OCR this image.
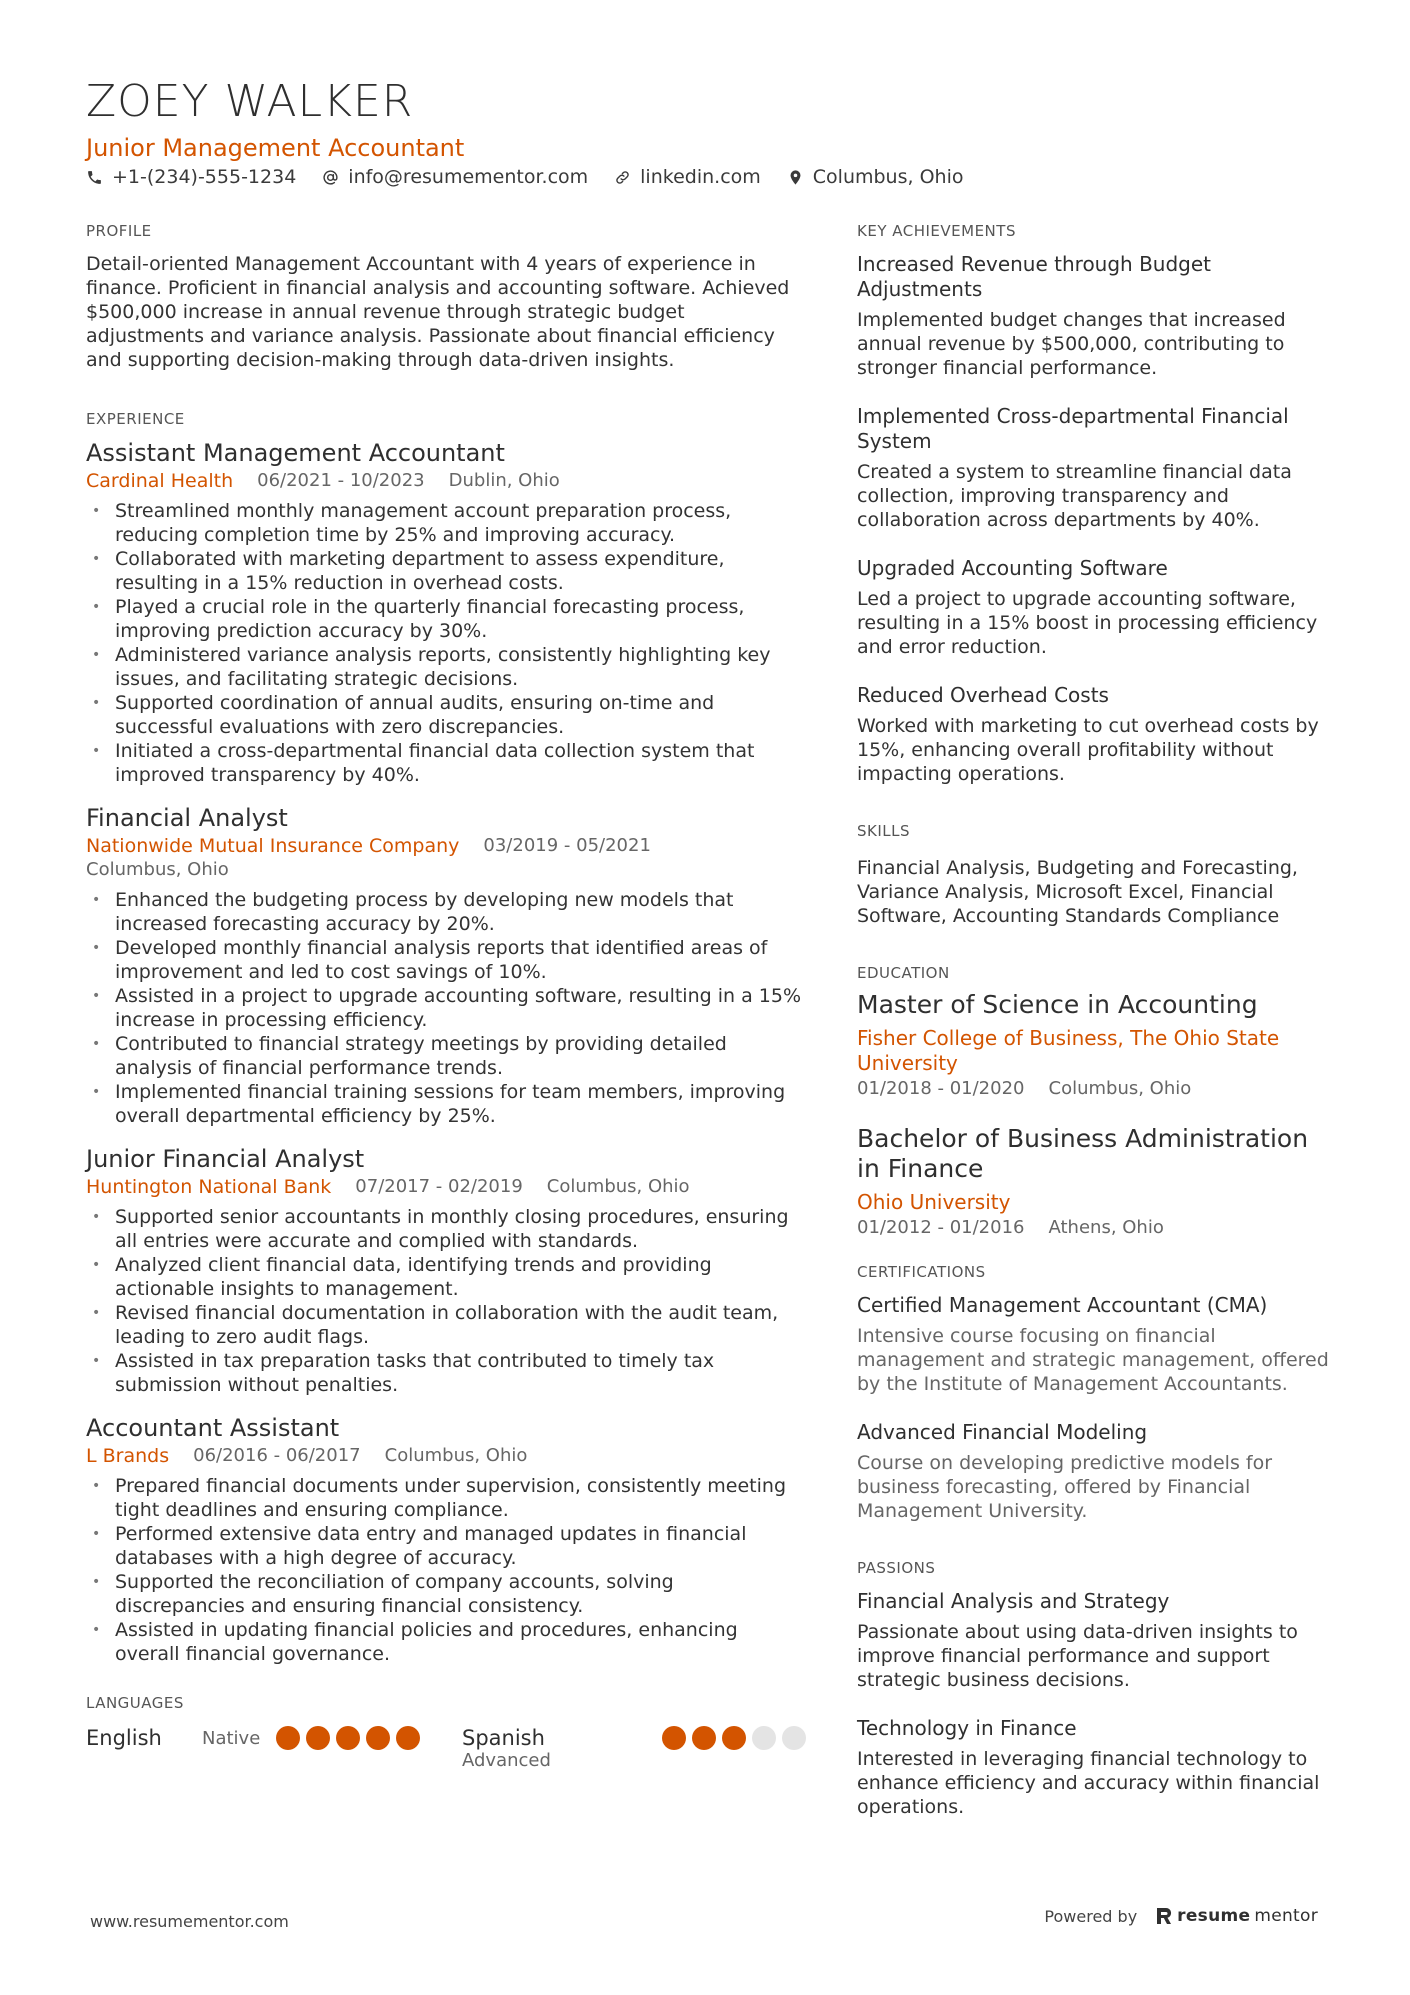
ZOEY WALKER
Junior Management Accountant
+1-(234)-555-1234	info@resumementor.com	linkedin.com	Columbus, Ohio
PROFILE
Detail-oriented Management Accountant with 4 years of experience in finance. Proficient in financial analysis and accounting software. Achieved $500,000 increase in annual revenue through strategic budget adjustments and variance analysis. Passionate about financial efficiency and supporting decision-making through data-driven insights.
EXPERIENCE
Assistant Management Accountant
Cardinal Health 06/2021 - 10/2023 Dublin, Ohio
• Streamlined monthly management account preparation process, reducing completion time by 25% and improving accuracy.
• Collaborated with marketing department to assess expenditure, resulting in a 15% reduction in overhead costs.
• Played a crucial role in the quarterly financial forecasting process, improving prediction accuracy by 30%.
• Administered variance analysis reports, consistently highlighting key issues, and facilitating strategic decisions.
• Supported coordination of annual audits, ensuring on-time and successful evaluations with zero discrepancies.
• Initiated a cross-departmental financial data collection system that improved transparency by 40%.
Financial Analyst
Nationwide Mutual Insurance Company 03/2019 - 05/2021
Columbus, Ohio
• Enhanced the budgeting process by developing new models that increased forecasting accuracy by 20%.
• Developed monthly financial analysis reports that identified areas of improvement and led to cost savings of 10%.
• Assisted in a project to upgrade accounting software, resulting in a 15% increase in processing efficiency.
• Contributed to financial strategy meetings by providing detailed analysis of financial performance trends.
• Implemented financial training sessions for team members, improving overall departmental efficiency by 25%.
Junior Financial Analyst
Huntington National Bank 07/2017 - 02/2019 Columbus, Ohio
• Supported senior accountants in monthly closing procedures, ensuring all entries were accurate and complied with standards.
• Analyzed client financial data, identifying trends and providing actionable insights to management.
• Revised financial documentation in collaboration with the audit team, leading to zero audit flags.
• Assisted in tax preparation tasks that contributed to timely tax submission without penalties.
Accountant Assistant
L Brands 06/2016 - 06/2017 Columbus, Ohio
• Prepared financial documents under supervision, consistently meeting tight deadlines and ensuring compliance.
• Performed extensive data entry and managed updates in financial databases with a high degree of accuracy.
• Supported the reconciliation of company accounts, solving discrepancies and ensuring financial consistency.
• Assisted in updating financial policies and procedures, enhancing overall financial governance.
LANGUAGES
English	Native	Spanish
Advanced
KEY ACHIEVEMENTS
Increased Revenue through Budget Adjustments
Implemented budget changes that increased annual revenue by $500,000, contributing to stronger financial performance.
Implemented Cross-departmental Financial System
Created a system to streamline financial data collection, improving transparency and collaboration across departments by 40%.
Upgraded Accounting Software
Led a project to upgrade accounting software, resulting in a 15% boost in processing efficiency and error reduction.
Reduced Overhead Costs
Worked with marketing to cut overhead costs by 15%, enhancing overall profitability without impacting operations.
SKILLS
Financial Analysis, Budgeting and Forecasting, Variance Analysis, Microsoft Excel, Financial Software, Accounting Standards Compliance
EDUCATION
Master of Science in Accounting
Fisher College of Business, The Ohio State University
01/2018 - 01/2020 Columbus, Ohio
Bachelor of Business Administration in Finance
Ohio University
01/2012 - 01/2016 Athens, Ohio
CERTIFICATIONS
Certified Management Accountant (CMA)
Intensive course focusing on financial management and strategic management, offered by the Institute of Management Accountants.
Advanced Financial Modeling
Course on developing predictive models for business forecasting, offered by Financial Management University.
PASSIONS
Financial Analysis and Strategy
Passionate about using data-driven insights to improve financial performance and support strategic business decisions.
Technology in Finance
Interested in leveraging financial technology to enhance efficiency and accuracy within financial operations.
www.resumementor.com	Powered by resume mentor
